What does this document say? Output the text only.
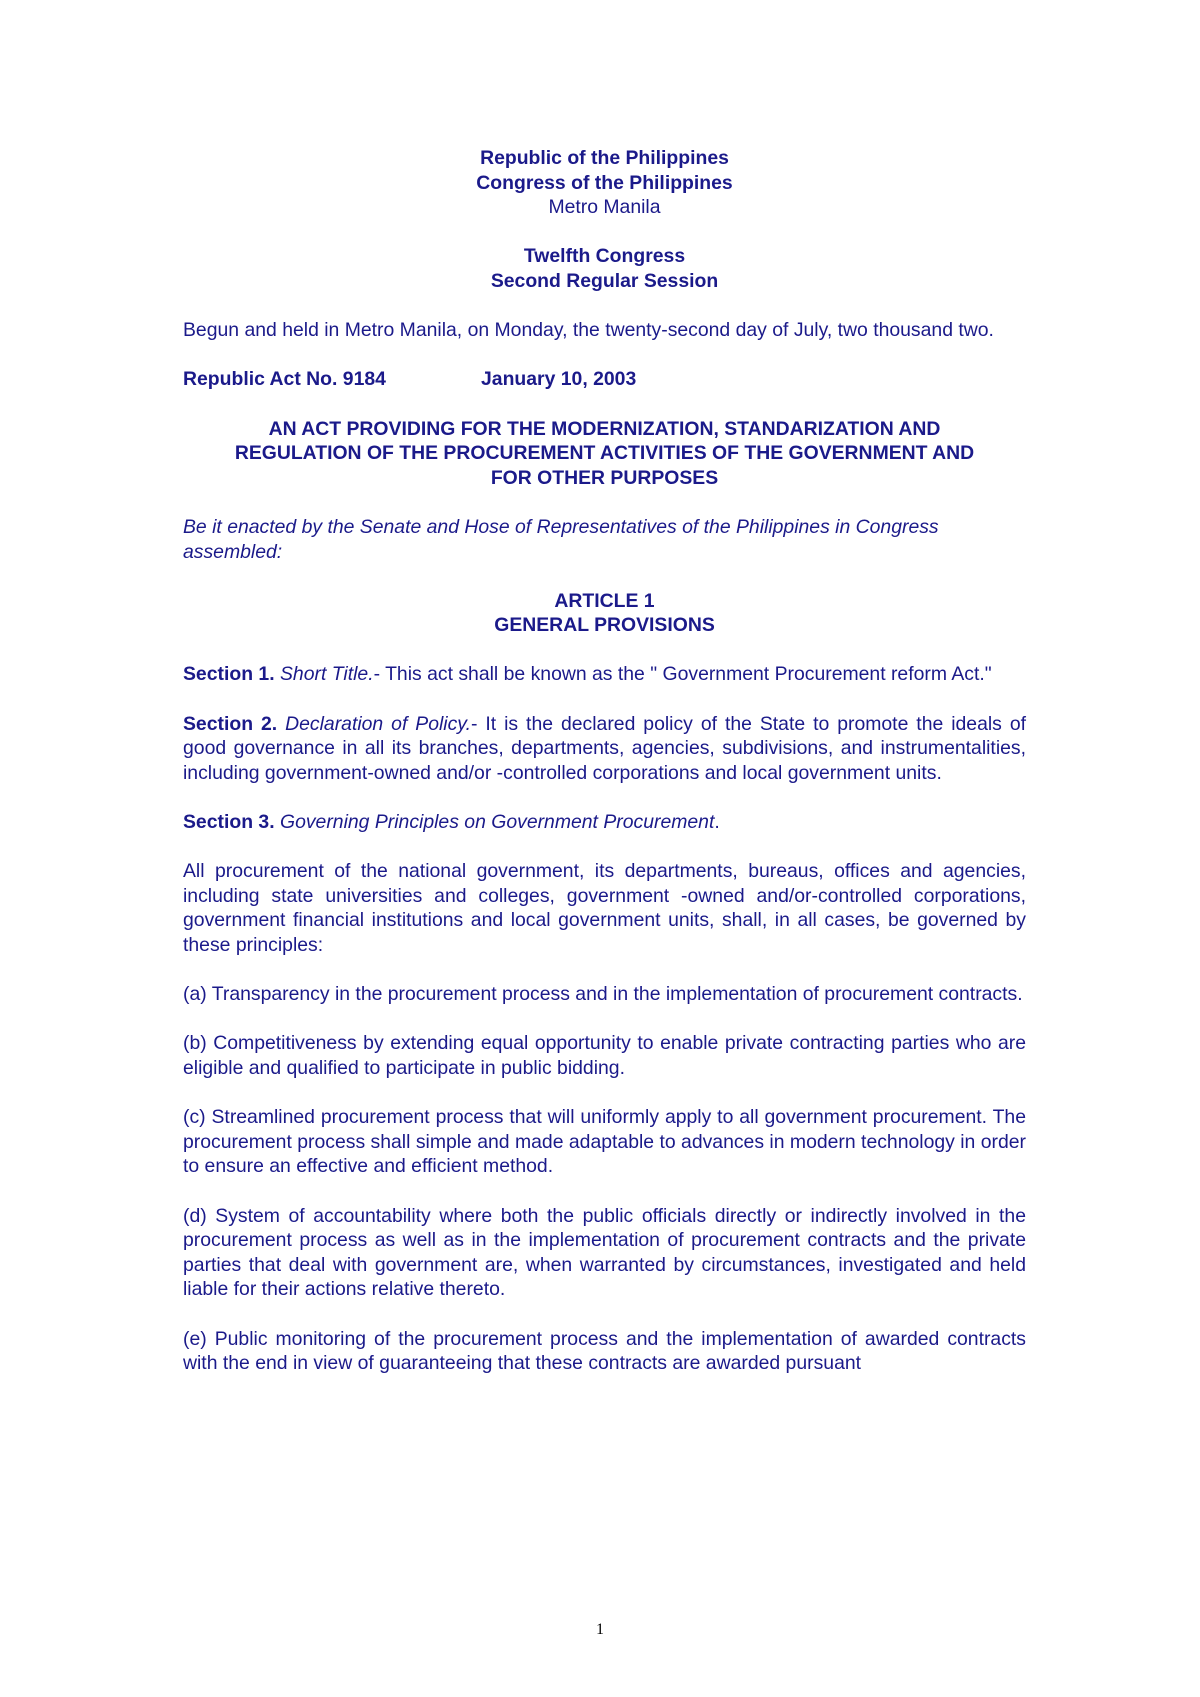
Republic of the Philippines

Congress of the Philippines

Metro Manila

Twelfth Congress

Second Regular Session

Begun and held in Metro Manila, on Monday, the twenty-second day of July, two thousand two.

Republic Act No. 9184	January 10, 2003

AN ACT PROVIDING FOR THE MODERNIZATION, STANDARIZATION AND

REGULATION OF THE PROCUREMENT ACTIVITIES OF THE GOVERNMENT AND

FOR OTHER PURPOSES

Be it enacted by the Senate and Hose of Representatives of the Philippines in Congress assembled:

ARTICLE 1

GENERAL PROVISIONS

Section 1. Short Title.- This act shall be known as the " Government Procurement reform Act."

Section 2. Declaration of Policy.- It is the declared policy of the State to promote the ideals of good governance in all its branches, departments, agencies, subdivisions, and instrumentalities, including government-owned and/or -controlled corporations and local government units.

Section 3. Governing Principles on Government Procurement.

All procurement of the national government, its departments, bureaus, offices and agencies, including state universities and colleges, government -owned and/or-controlled corporations, government financial institutions and local government units, shall, in all cases, be governed by these principles:

(a) Transparency in the procurement process and in the implementation of procurement contracts.

(b) Competitiveness by extending equal opportunity to enable private contracting parties who are eligible and qualified to participate in public bidding.

(c) Streamlined procurement process that will uniformly apply to all government procurement. The procurement process shall simple and made adaptable to advances in modern technology in order to ensure an effective and efficient method.

(d) System of accountability where both the public officials directly or indirectly involved in the procurement process as well as in the implementation of procurement contracts and the private parties that deal with government are, when warranted by circumstances, investigated and held liable for their actions relative thereto.

(e) Public monitoring of the procurement process and the implementation of awarded contracts with the end in view of guaranteeing that these contracts are awarded pursuant

1
